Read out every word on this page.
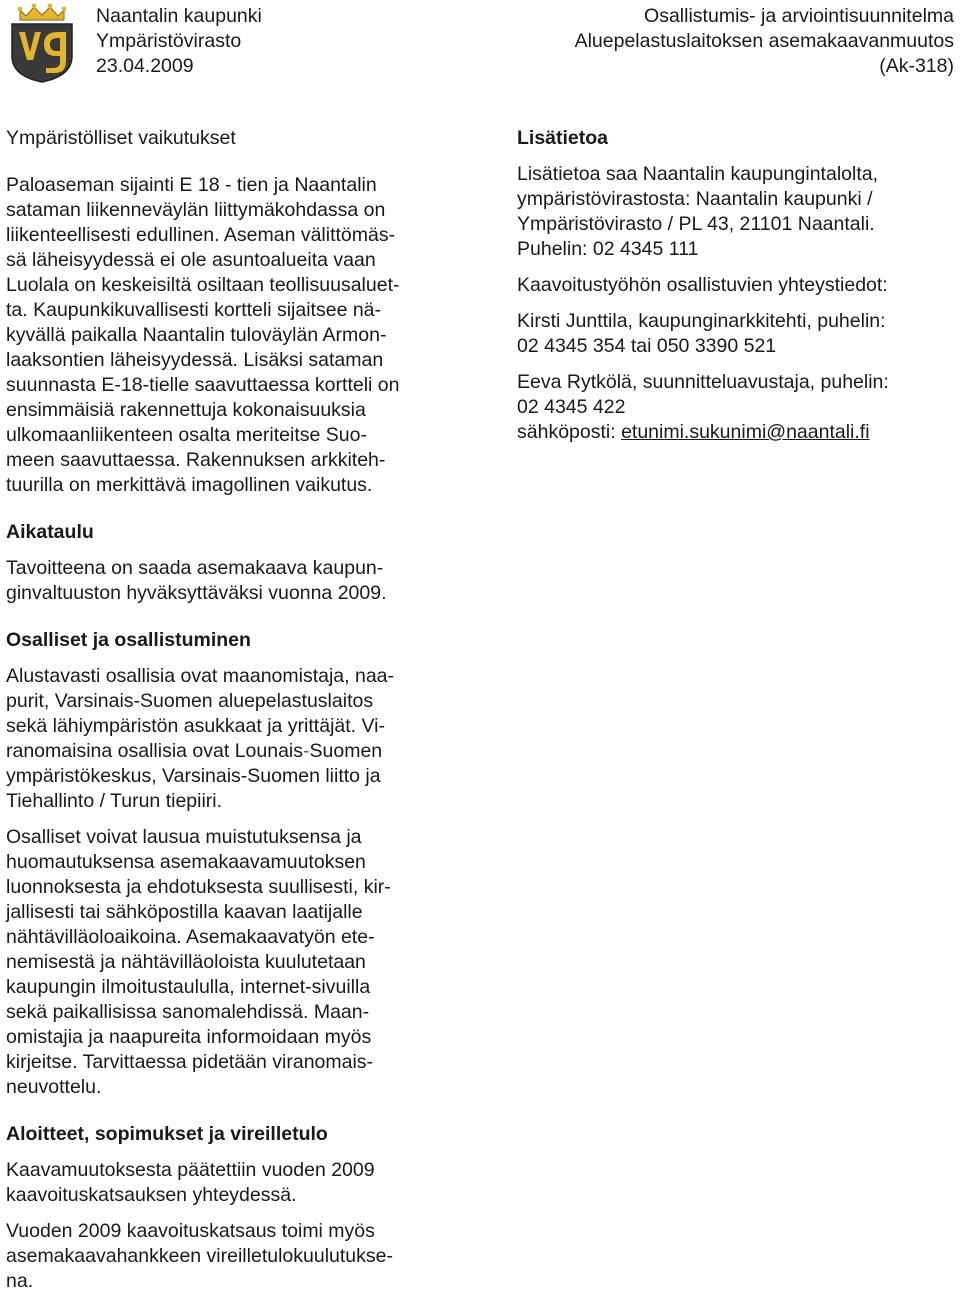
Naantalin kaupunki
Ympäristövirasto
23.04.2009
Osallistumis- ja arviointisuunnitelma
Aluepelastuslaitoksen asemakaavanmuutos
(Ak-318)

Ympäristölliset vaikutukset

Paloaseman sijainti E 18 - tien ja Naantalin
sataman liikenneväylän liittymäkohdassa on
liikenteellisesti edullinen. Aseman välittömäs-
sä läheisyydessä ei ole asuntoalueita vaan
Luolala on keskeisiltä osiltaan teollisuusaluet-
ta. Kaupunkikuvallisesti kortteli sijaitsee nä-
kyvällä paikalla Naantalin tuloväylän Armon-
laaksontien läheisyydessä. Lisäksi sataman
suunnasta E-18-tielle saavuttaessa kortteli on
ensimmäisiä rakennettuja kokonaisuuksia
ulkomaanliikenteen osalta meriteitse Suo-
meen saavuttaessa. Rakennuksen arkkiteh-
tuurilla on merkittävä imagollinen vaikutus.

Aikataulu

Tavoitteena on saada asemakaava kaupun-
ginvaltuuston hyväksyttäväksi vuonna 2009.

Osalliset ja osallistuminen

Alustavasti osallisia ovat maanomistaja, naa-
purit, Varsinais-Suomen aluepelastuslaitos
sekä lähiympäristön asukkaat ja yrittäjät. Vi-
ranomaisina osallisia ovat Lounais-Suomen
ympäristökeskus, Varsinais-Suomen liitto ja
Tiehallinto / Turun tiepiiri.

Osalliset voivat lausua muistutuksensa ja
huomautuksensa asemakaavamuutoksen
luonnoksesta ja ehdotuksesta suullisesti, kir-
jallisesti tai sähköpostilla kaavan laatijalle
nähtävilläoloaikoina. Asemakaavatyön ete-
nemisestä ja nähtävilläoloista kuulutetaan
kaupungin ilmoitustaululla, internet-sivuilla
sekä paikallisissa sanomalehdissä. Maan-
omistajia ja naapureita informoidaan myös
kirjeitse. Tarvittaessa pidetään viranomais-
neuvottelu.

Aloitteet, sopimukset ja vireilletulo

Kaavamuutoksesta päätettiin vuoden 2009
kaavoituskatsauksen yhteydessä.

Vuoden 2009 kaavoituskatsaus toimi myös
asemakaavahankkeen vireilletulokuulutukse-
na.

Lisätietoa

Lisätietoa saa Naantalin kaupungintalolta,
ympäristövirastosta: Naantalin kaupunki /
Ympäristövirasto / PL 43, 21101 Naantali.
Puhelin: 02 4345 111

Kaavoitustyöhön osallistuvien yhteystiedot:

Kirsti Junttila, kaupunginarkkitehti, puhelin:
02 4345 354 tai 050 3390 521

Eeva Rytkölä, suunnitteluavustaja, puhelin:
02 4345 422
sähköposti: etunimi.sukunimi@naantali.fi
